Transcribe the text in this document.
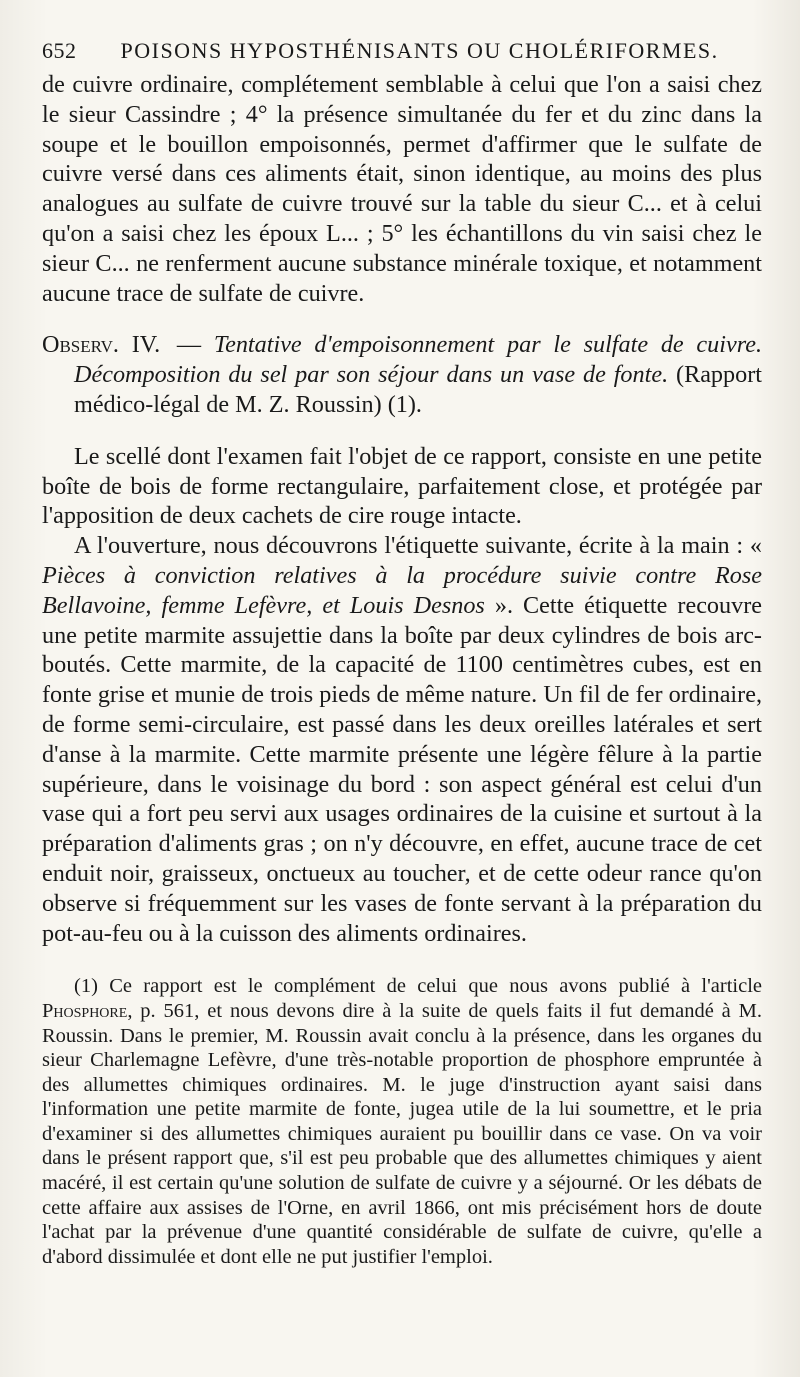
652 POISONS HYPOSTHÉNISANTS OU CHOLÉRIFORMES.

de cuivre ordinaire, complétement semblable à celui que l'on a saisi chez le sieur Cassindre ; 4° la présence simultanée du fer et du zinc dans la soupe et le bouillon empoisonnés, permet d'affirmer que le sulfate de cuivre versé dans ces aliments était, sinon identique, au moins des plus analogues au sulfate de cuivre trouvé sur la table du sieur C... et à celui qu'on a saisi chez les époux L... ; 5° les échantillons du vin saisi chez le sieur C... ne renferment aucune substance minérale toxique, et notamment aucune trace de sulfate de cuivre.

Observ. IV. — Tentative d'empoisonnement par le sulfate de cuivre. Décomposition du sel par son séjour dans un vase de fonte. (Rapport médico-légal de M. Z. Roussin) (1).

Le scellé dont l'examen fait l'objet de ce rapport, consiste en une petite boîte de bois de forme rectangulaire, parfaitement close, et protégée par l'apposition de deux cachets de cire rouge intacte.

A l'ouverture, nous découvrons l'étiquette suivante, écrite à la main : « Pièces à conviction relatives à la procédure suivie contre Rose Bellavoine, femme Lefèvre, et Louis Desnos ». Cette étiquette recouvre une petite marmite assujettie dans la boîte par deux cylindres de bois arc-boutés. Cette marmite, de la capacité de 1100 centimètres cubes, est en fonte grise et munie de trois pieds de même nature. Un fil de fer ordinaire, de forme semi-circulaire, est passé dans les deux oreilles latérales et sert d'anse à la marmite. Cette marmite présente une légère fêlure à la partie supérieure, dans le voisinage du bord : son aspect général est celui d'un vase qui a fort peu servi aux usages ordinaires de la cuisine et surtout à la préparation d'aliments gras ; on n'y découvre, en effet, aucune trace de cet enduit noir, graisseux, onctueux au toucher, et de cette odeur rance qu'on observe si fréquemment sur les vases de fonte servant à la préparation du pot-au-feu ou à la cuisson des aliments ordinaires.

(1) Ce rapport est le complément de celui que nous avons publié à l'article Phosphore, p. 561, et nous devons dire à la suite de quels faits il fut demandé à M. Roussin. Dans le premier, M. Roussin avait conclu à la présence, dans les organes du sieur Charlemagne Lefèvre, d'une très-notable proportion de phosphore empruntée à des allumettes chimiques ordinaires. M. le juge d'instruction ayant saisi dans l'information une petite marmite de fonte, jugea utile de la lui soumettre, et le pria d'examiner si des allumettes chimiques auraient pu bouillir dans ce vase. On va voir dans le présent rapport que, s'il est peu probable que des allumettes chimiques y aient macéré, il est certain qu'une solution de sulfate de cuivre y a séjourné. Or les débats de cette affaire aux assises de l'Orne, en avril 1866, ont mis précisément hors de doute l'achat par la prévenue d'une quantité considérable de sulfate de cuivre, qu'elle a d'abord dissimulée et dont elle ne put justifier l'emploi.
